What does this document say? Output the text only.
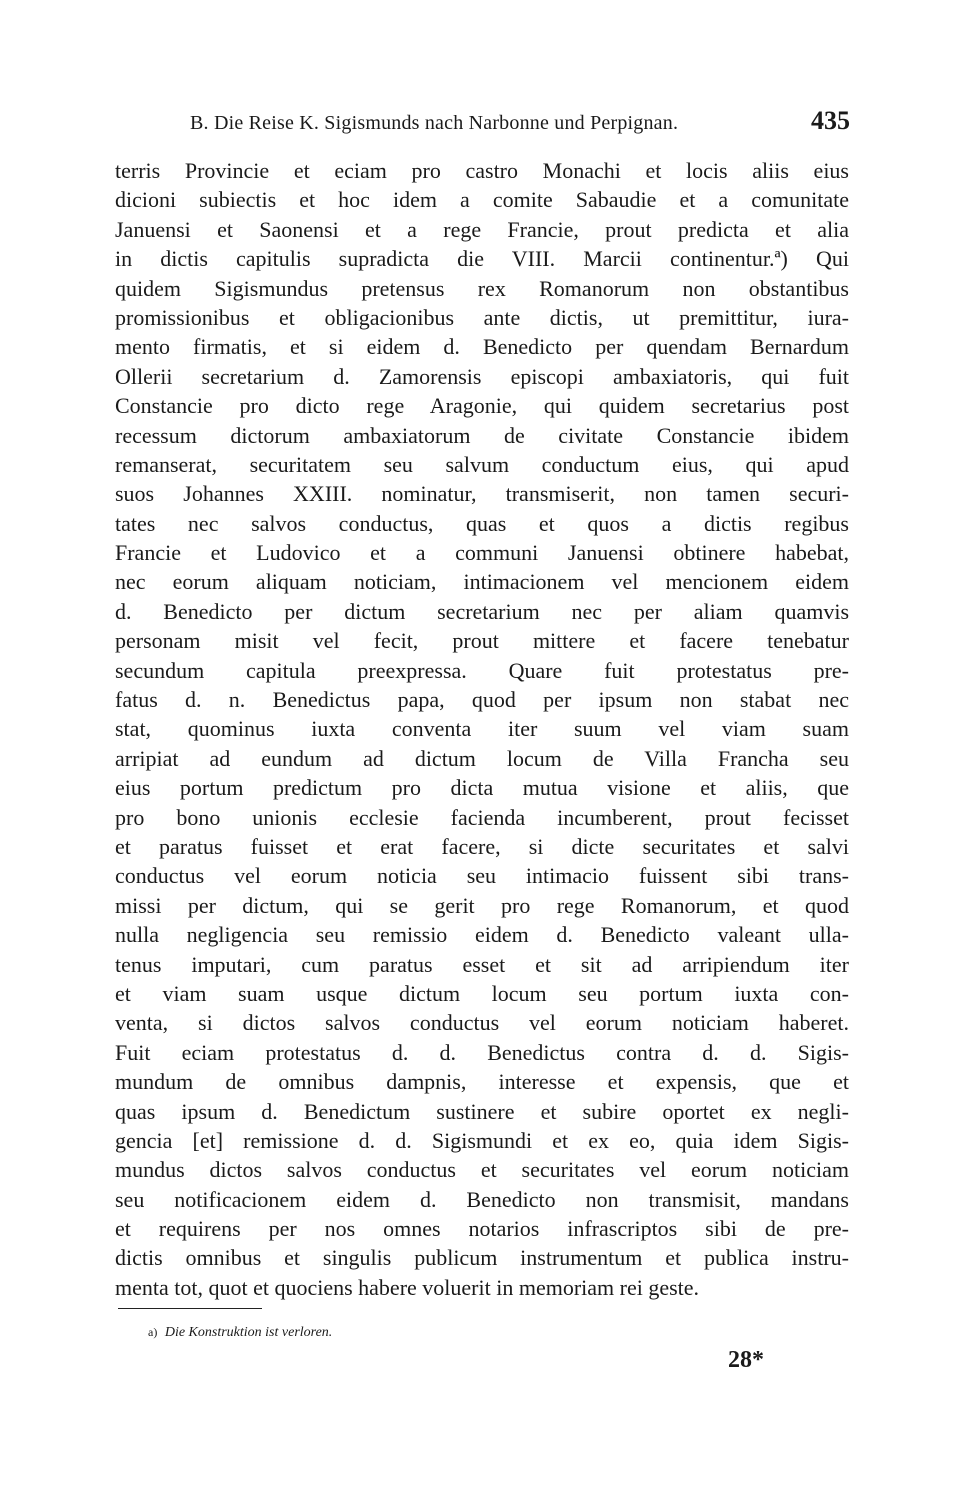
B. Die Reise K. Sigismunds nach Narbonne und Perpignan.	435
terris Provincie et eciam pro castro Monachi et locis aliis eius
dicioni subiectis et hoc idem a comite Sabaudie et a comunitate
Januensi et Saonensi et a rege Francie, prout predicta et alia
in dictis capitulis supradicta die VIII. Marcii continentur.ª) Qui
quidem Sigismundus pretensus rex Romanorum non obstantibus
promissionibus et obligacionibus ante dictis, ut premittitur, iura-
mento firmatis, et si eidem d. Benedicto per quendam Bernardum
Ollerii secretarium d. Zamorensis episcopi ambaxiatoris, qui fuit
Constancie pro dicto rege Aragonie, qui quidem secretarius post
recessum dictorum ambaxiatorum de civitate Constancie ibidem
remanserat, securitatem seu salvum conductum eius, qui apud
suos Johannes XXIII. nominatur, transmiserit, non tamen securi-
tates nec salvos conductus, quas et quos a dictis regibus
Francie et Ludovico et a communi Januensi obtinere habebat,
nec eorum aliquam noticiam, intimacionem vel mencionem eidem
d. Benedicto per dictum secretarium nec per aliam quamvis
personam misit vel fecit, prout mittere et facere tenebatur
secundum capitula preexpressa. Quare fuit protestatus pre-
fatus d. n. Benedictus papa, quod per ipsum non stabat nec
stat, quominus iuxta conventa iter suum vel viam suam
arripiat ad eundum ad dictum locum de Villa Francha seu
eius portum predictum pro dicta mutua visione et aliis, que
pro bono unionis ecclesie facienda incumberent, prout fecisset
et paratus fuisset et erat facere, si dicte securitates et salvi
conductus vel eorum noticia seu intimacio fuissent sibi trans-
missi per dictum, qui se gerit pro rege Romanorum, et quod
nulla negligencia seu remissio eidem d. Benedicto valeant ulla-
tenus imputari, cum paratus esset et sit ad arripiendum iter
et viam suam usque dictum locum seu portum iuxta con-
venta, si dictos salvos conductus vel eorum noticiam haberet.
Fuit eciam protestatus d. d. Benedictus contra d. d. Sigis-
mundum de omnibus dampnis, interesse et expensis, que et
quas ipsum d. Benedictum sustinere et subire oportet ex negli-
gencia [et] remissione d. d. Sigismundi et ex eo, quia idem Sigis-
mundus dictos salvos conductus et securitates vel eorum noticiam
seu notificacionem eidem d. Benedicto non transmisit, mandans
et requirens per nos omnes notarios infrascriptos sibi de pre-
dictis omnibus et singulis publicum instrumentum et publica instru-
menta tot, quot et quociens habere voluerit in memoriam rei geste.
a) Die Konstruktion ist verloren.
28*
